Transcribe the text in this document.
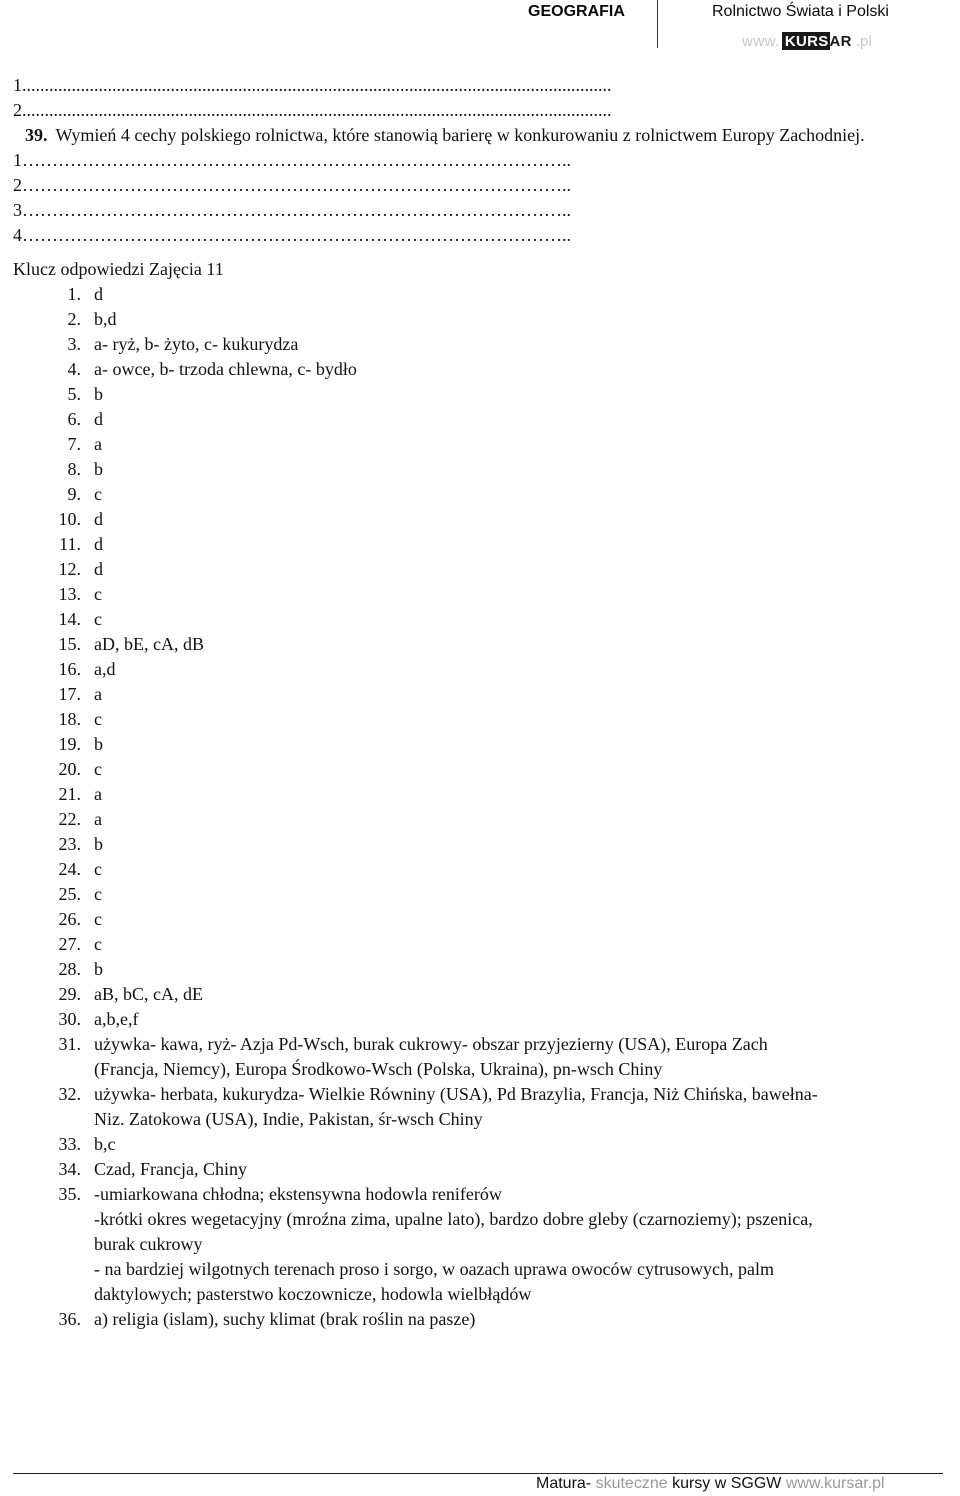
GEOGRAFIA	Rolnictwo Świata i Polski
www. KURS AR .pl
1...................................................................................................................................
2...................................................................................................................................
39. Wymień 4 cechy polskiego rolnictwa, które stanowią barierę w konkurowaniu z rolnictwem Europy Zachodniej.
1………………………………………………………………………………..
2………………………………………………………………………………..
3………………………………………………………………………………..
4………………………………………………………………………………..
Klucz odpowiedzi Zajęcia 11
1. d
2. b,d
3. a- ryż, b- żyto, c- kukurydza
4. a- owce, b- trzoda chlewna, c- bydło
5. b
6. d
7. a
8. b
9. c
10. d
11. d
12. d
13. c
14. c
15. aD, bE, cA, dB
16. a,d
17. a
18. c
19. b
20. c
21. a
22. a
23. b
24. c
25. c
26. c
27. c
28. b
29. aB, bC, cA, dE
30. a,b,e,f
31. używka- kawa, ryż- Azja Pd-Wsch, burak cukrowy- obszar przyjezierny (USA), Europa Zach
(Francja, Niemcy), Europa Środkowo-Wsch (Polska, Ukraina), pn-wsch Chiny
32. używka- herbata, kukurydza- Wielkie Równiny (USA), Pd Brazylia, Francja, Niż Chińska, bawełna-
Niz. Zatokowa (USA), Indie, Pakistan, śr-wsch Chiny
33. b,c
34. Czad, Francja, Chiny
35. -umiarkowana chłodna; ekstensywna hodowla reniferów
-krótki okres wegetacyjny (mroźna zima, upalne lato), bardzo dobre gleby (czarnoziemy); pszenica,
burak cukrowy
- na bardziej wilgotnych terenach proso i sorgo, w oazach uprawa owoców cytrusowych, palm
daktylowych; pasterstwo koczownicze, hodowla wielbłądów
36. a) religia (islam), suchy klimat (brak roślin na pasze)
Matura- skuteczne kursy w SGGW www.kursar.pl
